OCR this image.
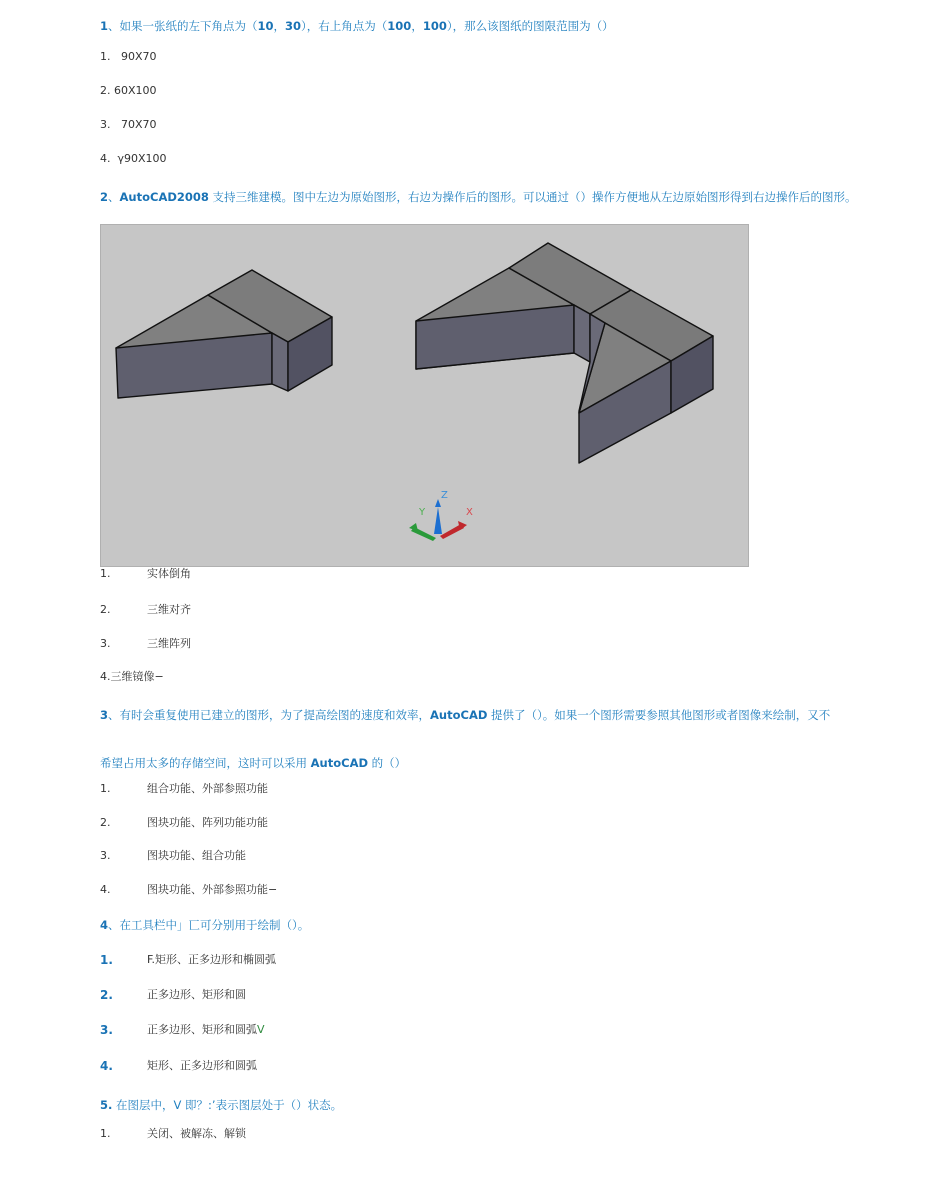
1、如果一张纸的左下角点为（10，30），右上角点为（100，100），那么该图纸的图限范围为（）
1.   90X70
2. 60X100
3.   70X70
4.  γ90X100
2、AutoCAD2008 支持三维建模。图中左边为原始图形，右边为操作后的图形。可以通过（）操作方便地从左边原始图形得到右边操作后的图形。
Z
Y	X
1.	实体倒角
2.	三维对齐
3.	三维阵列
4.三维镜像−
3、有时会重复使用已建立的图形，为了提高绘图的速度和效率，AutoCAD 提供了（）。如果一个图形需要参照其他图形或者图像来绘制，又不
希望占用太多的存储空间，这时可以采用 AutoCAD 的（）
1.	组合功能、外部参照功能
2.	图块功能、阵列功能功能
3.	图块功能、组合功能
4.	图块功能、外部参照功能−
4、在工具栏中」匸可分别用于绘制（）。
1.	F.矩形、正多边形和椭圆弧
2.	正多边形、矩形和圆
3.	正多边形、矩形和圆弧V
4.	矩形、正多边形和圆弧
5. 在图层中，V 即？:’表示图层处于（）状态。
1.	关闭、被解冻、解锁
